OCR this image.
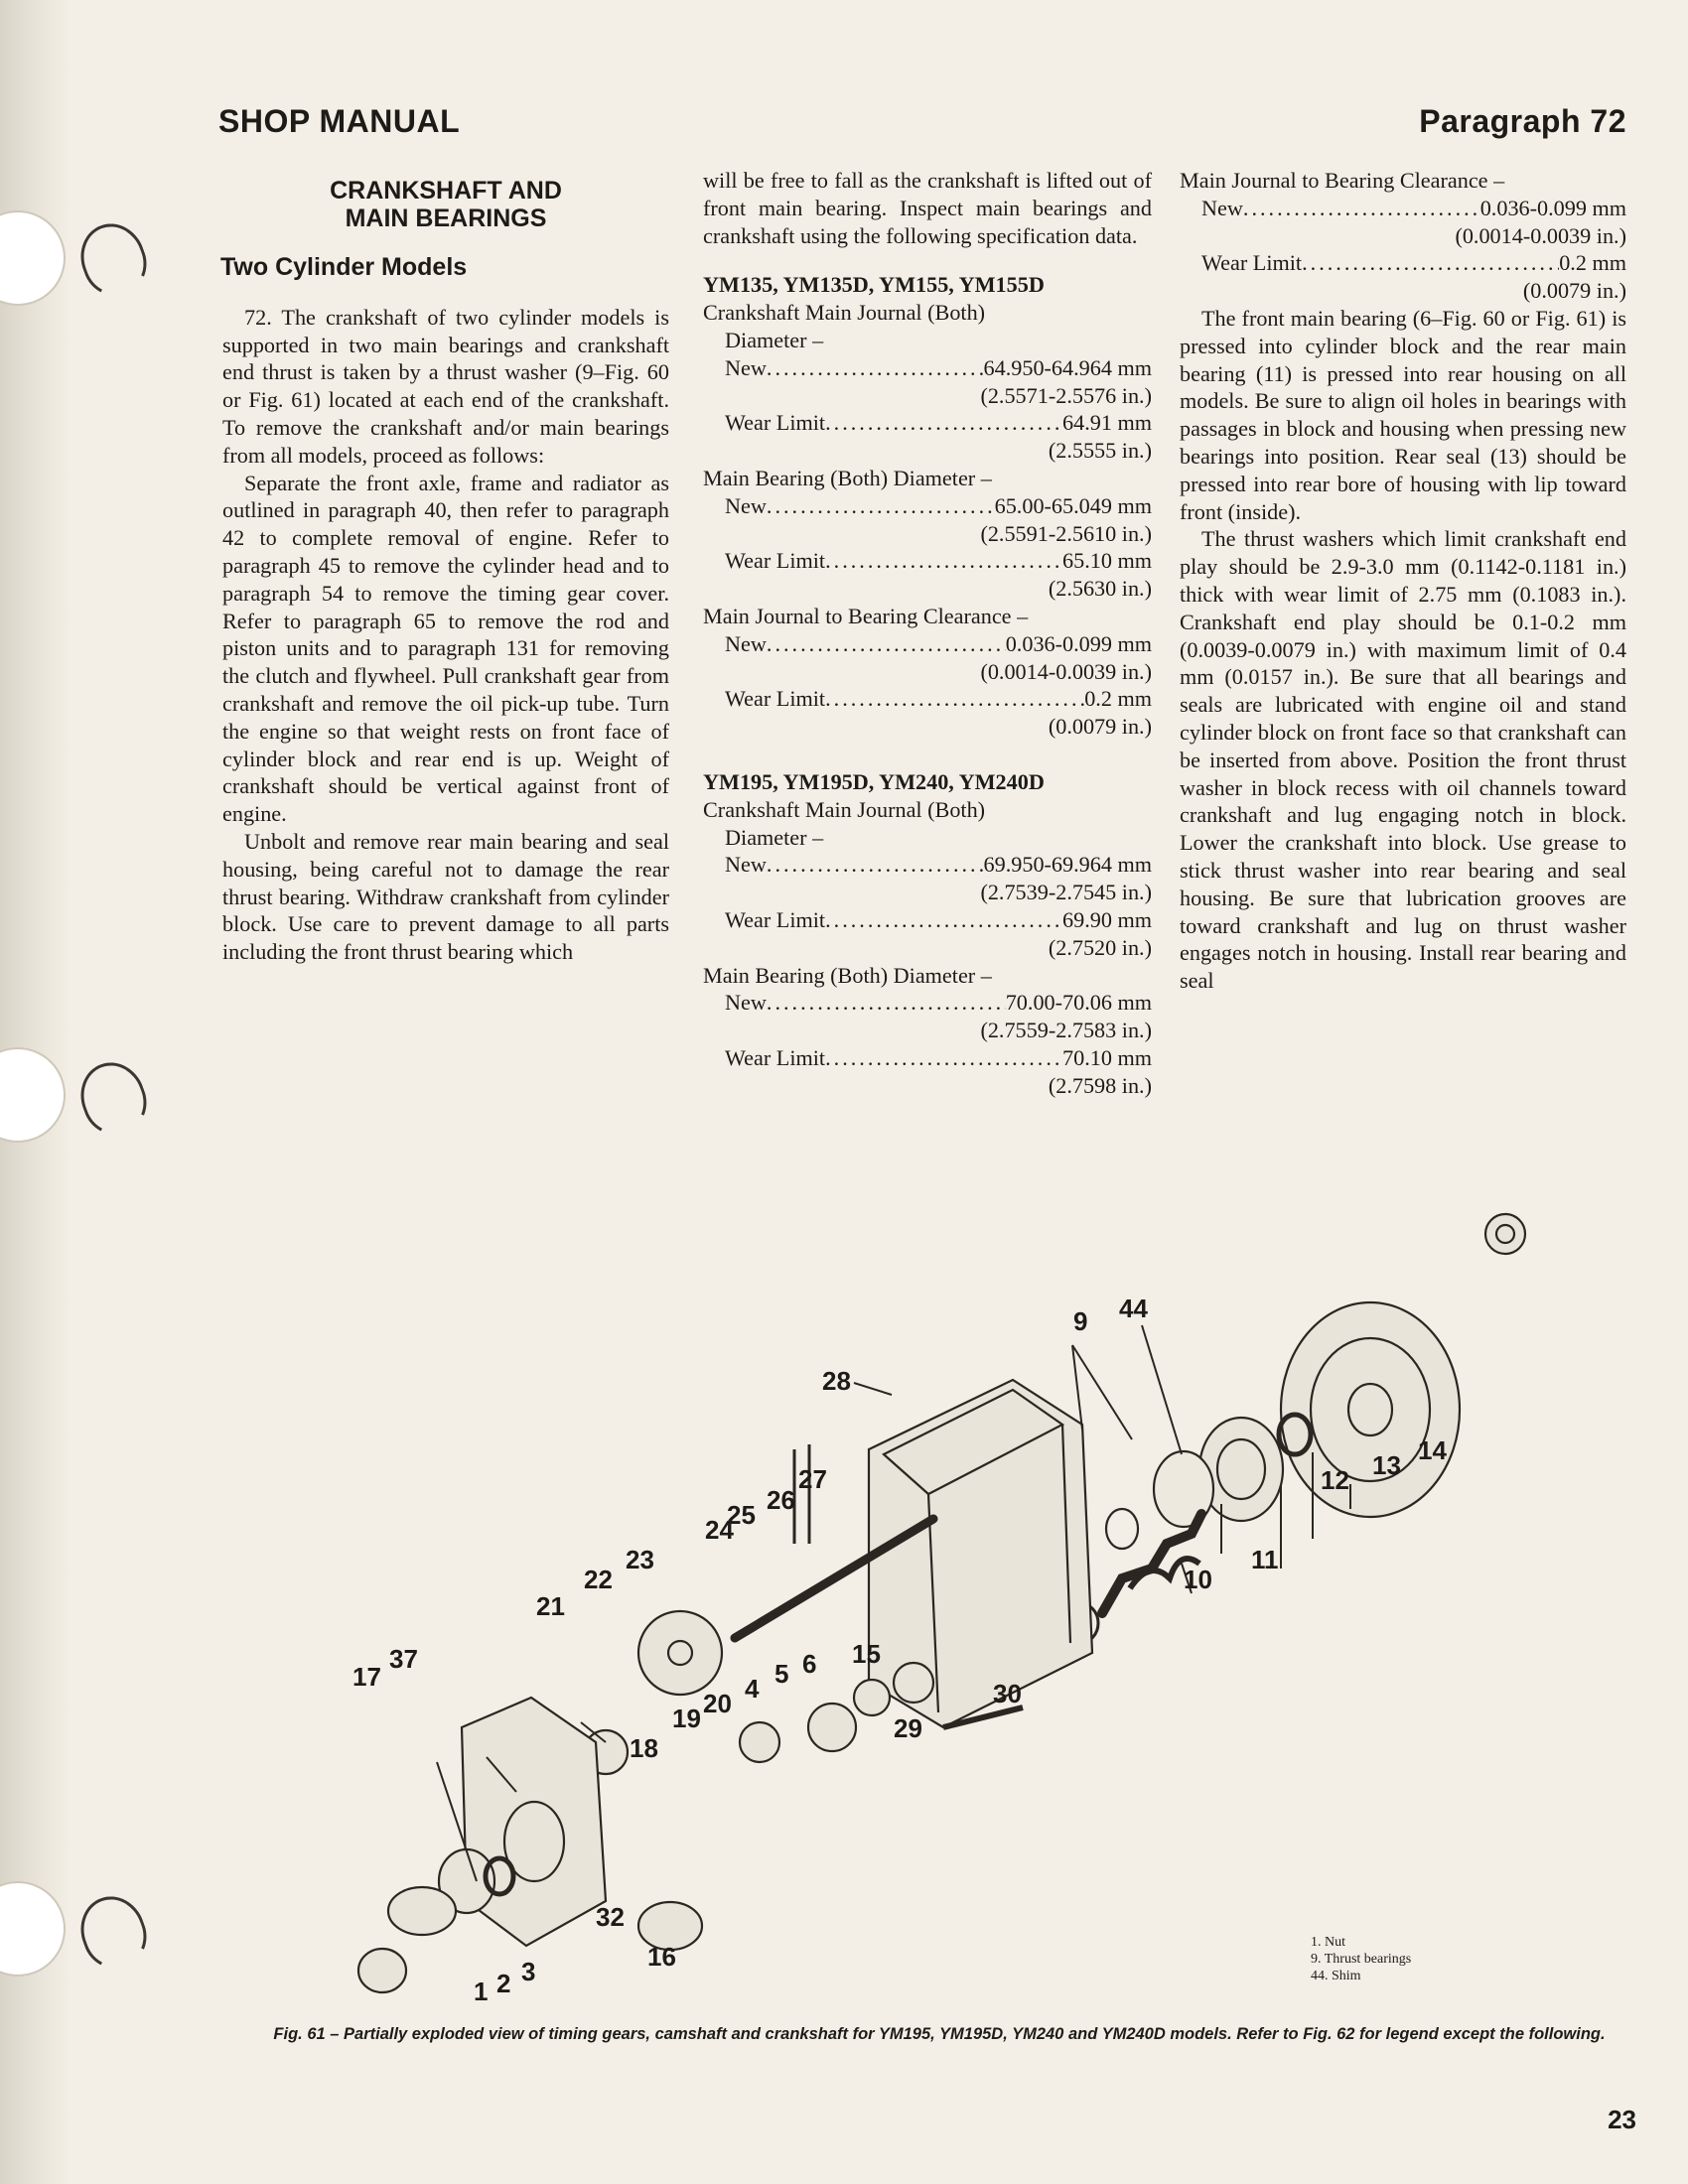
SHOP MANUAL	Paragraph 72
CRANKSHAFT AND
MAIN BEARINGS
Two Cylinder Models

72. The crankshaft of two cylinder models is supported in two main bearings and crankshaft end thrust is taken by a thrust washer (9–Fig. 60 or Fig. 61) located at each end of the crankshaft. To remove the crankshaft and/or main bearings from all models, proceed as follows:

Separate the front axle, frame and radiator as outlined in paragraph 40, then refer to paragraph 42 to complete removal of engine. Refer to paragraph 45 to remove the cylinder head and to paragraph 54 to remove the timing gear cover. Refer to paragraph 65 to remove the rod and piston units and to paragraph 131 for removing the clutch and flywheel. Pull crankshaft gear from crankshaft and remove the oil pick-up tube. Turn the engine so that weight rests on front face of cylinder block and rear end is up. Weight of crankshaft should be vertical against front of engine.

Unbolt and remove rear main bearing and seal housing, being careful not to damage the rear thrust bearing. Withdraw crankshaft from cylinder block. Use care to prevent damage to all parts including the front thrust bearing which

will be free to fall as the crankshaft is lifted out of front main bearing. Inspect main bearings and crankshaft using the following specification data.

YM135, YM135D, YM155, YM155D
Crankshaft Main Journal (Both)
Diameter –
New .....	64.950-64.964 mm
(2.5571-2.5576 in.)
Wear Limit .....	64.91 mm
(2.5555 in.)
Main Bearing (Both) Diameter –
New .....	65.00-65.049 mm
(2.5591-2.5610 in.)
Wear Limit .....	65.10 mm
(2.5630 in.)
Main Journal to Bearing Clearance –
New .....	0.036-0.099 mm
(0.0014-0.0039 in.)
Wear Limit .....	0.2 mm
(0.0079 in.)
YM195, YM195D, YM240, YM240D
Crankshaft Main Journal (Both)
Diameter –
New .....	69.950-69.964 mm
(2.7539-2.7545 in.)
Wear Limit .....	69.90 mm
(2.7520 in.)
Main Bearing (Both) Diameter –
New .....	70.00-70.06 mm
(2.7559-2.7583 in.)
Wear Limit .....	70.10 mm
(2.7598 in.)
Main Journal to Bearing Clearance –
New .....	0.036-0.099 mm
(0.0014-0.0039 in.)
Wear Limit .....	0.2 mm
(0.0079 in.)

The front main bearing (6–Fig. 60 or Fig. 61) is pressed into cylinder block and the rear main bearing (11) is pressed into rear housing on all models. Be sure to align oil holes in bearings with passages in block and housing when pressing new bearings into position. Rear seal (13) should be pressed into rear bore of housing with lip toward front (inside).

The thrust washers which limit crankshaft end play should be 2.9-3.0 mm (0.1142-0.1181 in.) thick with wear limit of 2.75 mm (0.1083 in.). Crankshaft end play should be 0.1-0.2 mm (0.0039-0.0079 in.) with maximum limit of 0.4 mm (0.0157 in.). Be sure that all bearings and seals are lubricated with engine oil and stand cylinder block on front face so that crankshaft can be inserted from above. Position the front thrust washer in block recess with oil channels toward crankshaft and lug engaging notch in block. Lower the crankshaft into block. Use grease to stick thrust washer into rear bearing and seal housing. Be sure that lubrication grooves are toward crankshaft and lug on thrust washer engages notch in housing. Install rear bearing and seal

44
9
28
27
26
25
24
23
22
21
17
37
18
19 20 4 5 6 15
29
30
10
11
12 13 14
32
16
1 2 3
1. Nut
9. Thrust bearings
44. Shim
Fig. 61 – Partially exploded view of timing gears, camshaft and crankshaft for YM195, YM195D, YM240 and YM240D models. Refer to Fig. 62 for legend except the following.
23
